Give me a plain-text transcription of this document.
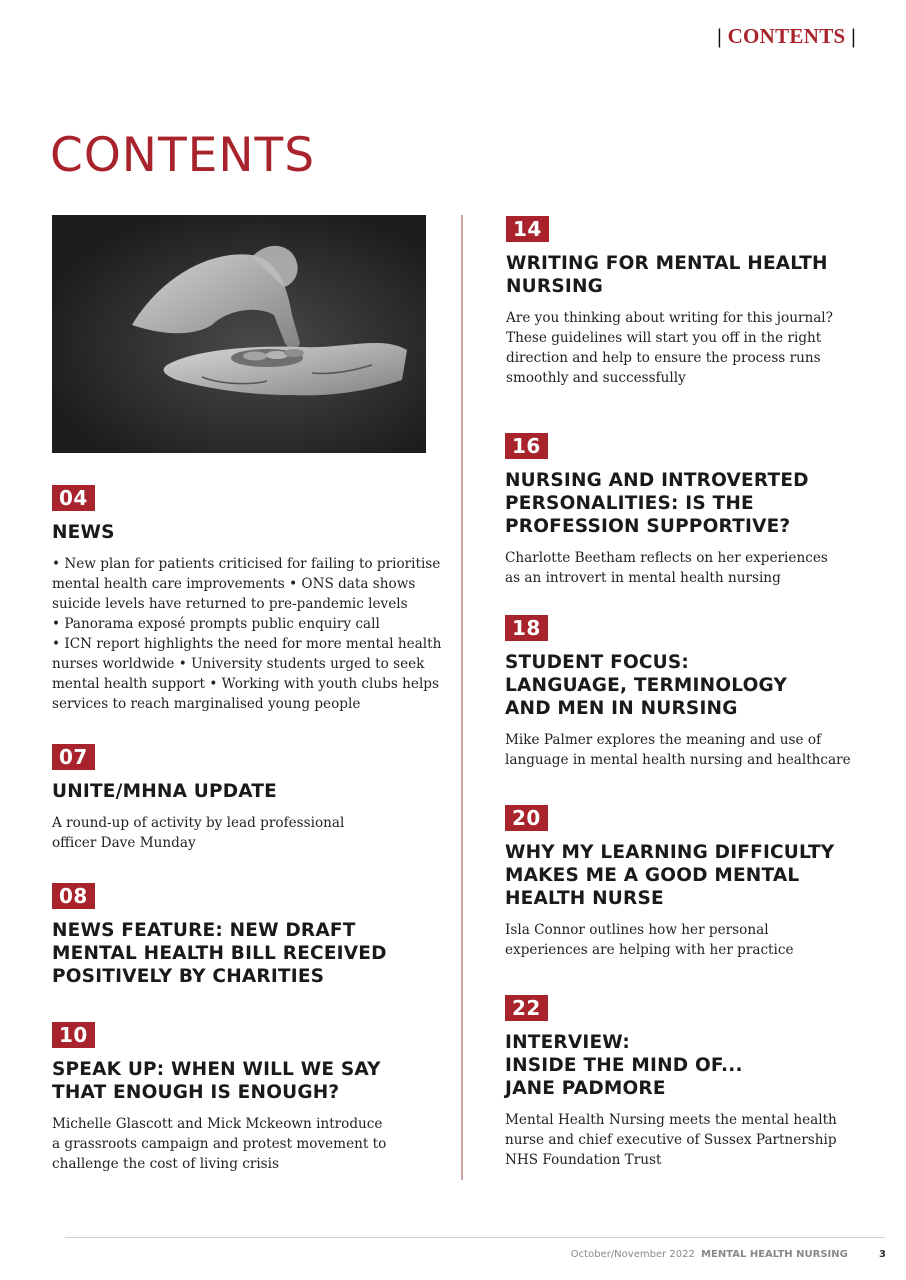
| CONTENTS |
CONTENTS
04
NEWS
• New plan for patients criticised for failing to prioritise
mental health care improvements • ONS data shows
suicide levels have returned to pre-pandemic levels
• Panorama exposé prompts public enquiry call
• ICN report highlights the need for more mental health
nurses worldwide • University students urged to seek
mental health support • Working with youth clubs helps
services to reach marginalised young people
07
UNITE/MHNA UPDATE
A round-up of activity by lead professional
officer Dave Munday
08
NEWS FEATURE: NEW DRAFT
MENTAL HEALTH BILL RECEIVED
POSITIVELY BY CHARITIES
10
SPEAK UP: WHEN WILL WE SAY
THAT ENOUGH IS ENOUGH?
Michelle Glascott and Mick Mckeown introduce
a grassroots campaign and protest movement to
challenge the cost of living crisis
14
WRITING FOR MENTAL HEALTH
NURSING
Are you thinking about writing for this journal?
These guidelines will start you off in the right
direction and help to ensure the process runs
smoothly and successfully
16
NURSING AND INTROVERTED
PERSONALITIES: IS THE
PROFESSION SUPPORTIVE?
Charlotte Beetham reflects on her experiences
as an introvert in mental health nursing
18
STUDENT FOCUS:
LANGUAGE, TERMINOLOGY
AND MEN IN NURSING
Mike Palmer explores the meaning and use of
language in mental health nursing and healthcare
20
WHY MY LEARNING DIFFICULTY
MAKES ME A GOOD MENTAL
HEALTH NURSE
Isla Connor outlines how her personal
experiences are helping with her practice
22
INTERVIEW:
INSIDE THE MIND OF...
JANE PADMORE
Mental Health Nursing meets the mental health
nurse and chief executive of Sussex Partnership
NHS Foundation Trust
October/November 2022 MENTAL HEALTH NURSING	3
